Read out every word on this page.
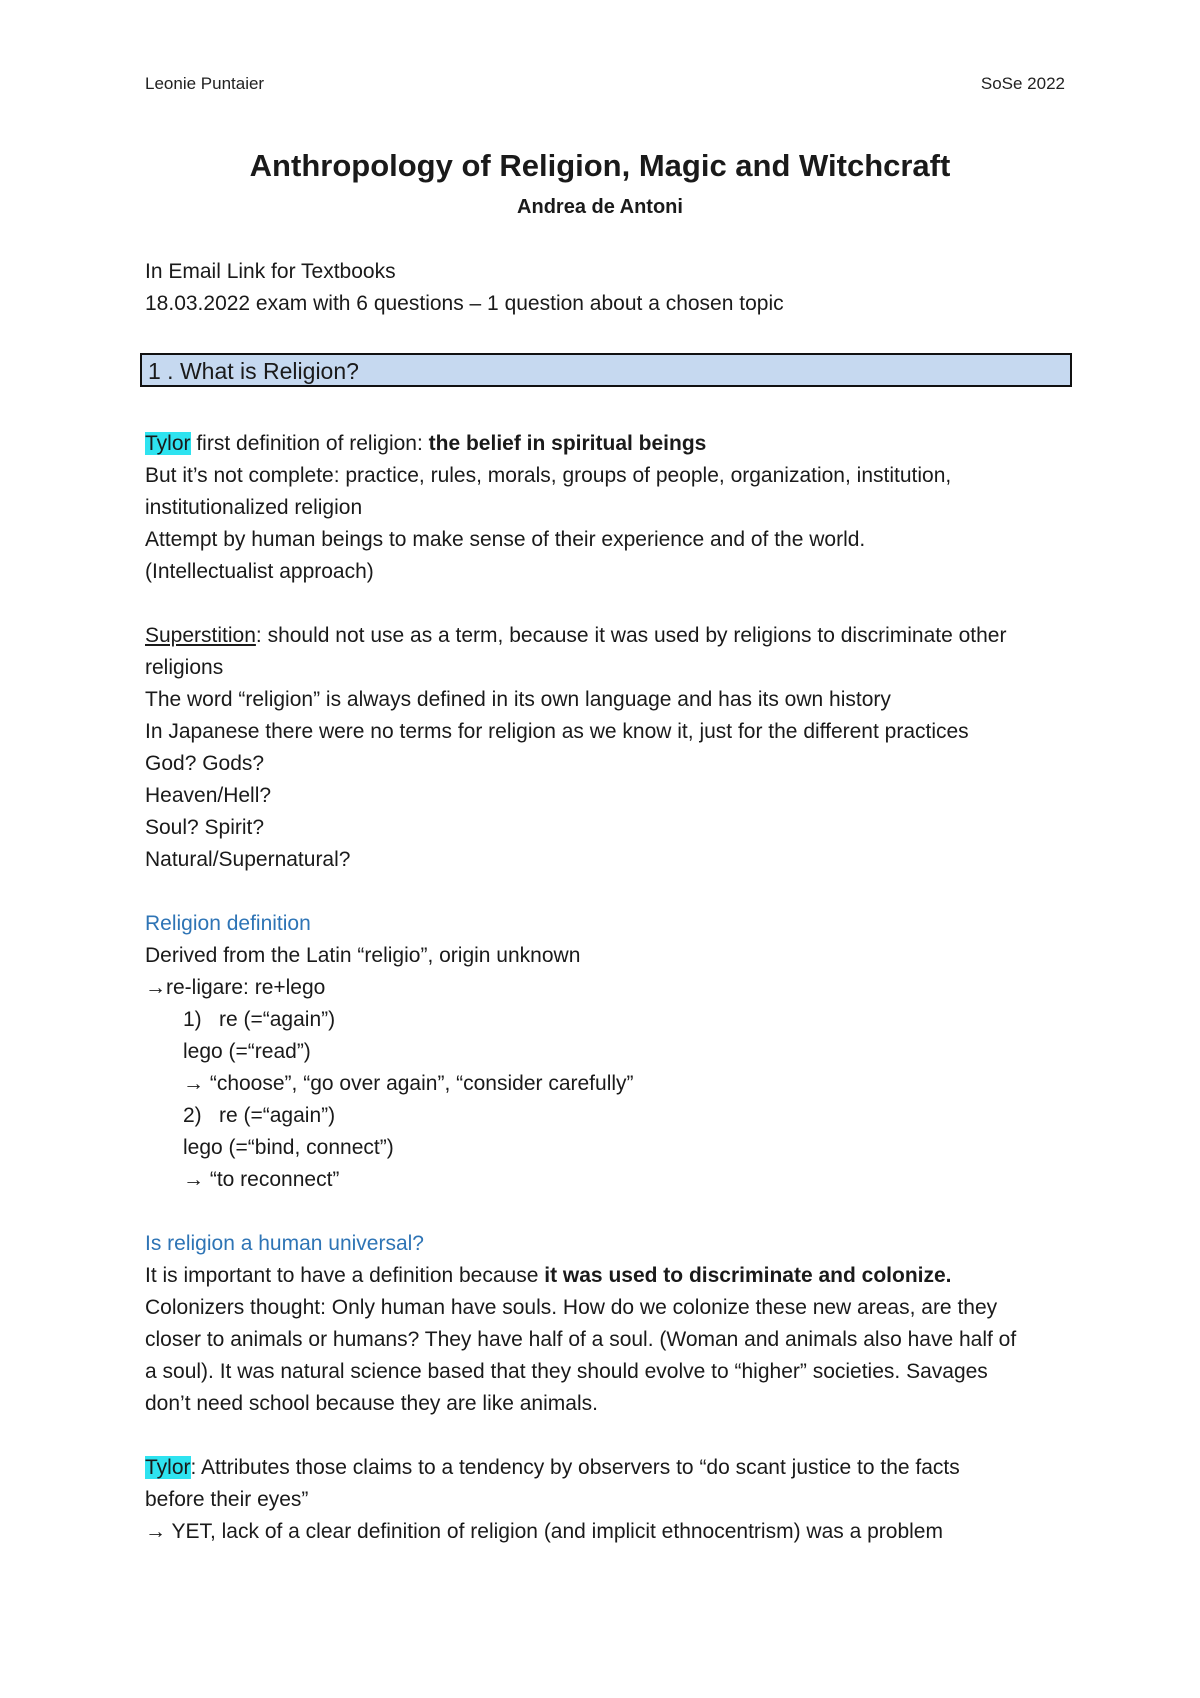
Leonie Puntaier	SoSe 2022
Anthropology of Religion, Magic and Witchcraft
Andrea de Antoni
In Email Link for Textbooks
18.03.2022 exam with 6 questions – 1 question about a chosen topic
1 . What is Religion?
Tylor first definition of religion: the belief in spiritual beings
But it’s not complete: practice, rules, morals, groups of people, organization, institution,
institutionalized religion
Attempt by human beings to make sense of their experience and of the world.
(Intellectualist approach)
Superstition: should not use as a term, because it was used by religions to discriminate other
religions
The word “religion” is always defined in its own language and has its own history
In Japanese there were no terms for religion as we know it, just for the different practices
God? Gods?
Heaven/Hell?
Soul? Spirit?
Natural/Supernatural?
Religion definition
Derived from the Latin “religio”, origin unknown
→re-ligare: re+lego
1) re (=“again”)
lego (=“read”)
→ “choose”, “go over again”, “consider carefully”
2) re (=“again”)
lego (=“bind, connect”)
→ “to reconnect”
Is religion a human universal?
It is important to have a definition because it was used to discriminate and colonize.
Colonizers thought: Only human have souls. How do we colonize these new areas, are they
closer to animals or humans? They have half of a soul. (Woman and animals also have half of
a soul). It was natural science based that they should evolve to “higher” societies. Savages
don’t need school because they are like animals.
Tylor: Attributes those claims to a tendency by observers to “do scant justice to the facts
before their eyes”
→ YET, lack of a clear definition of religion (and implicit ethnocentrism) was a problem
